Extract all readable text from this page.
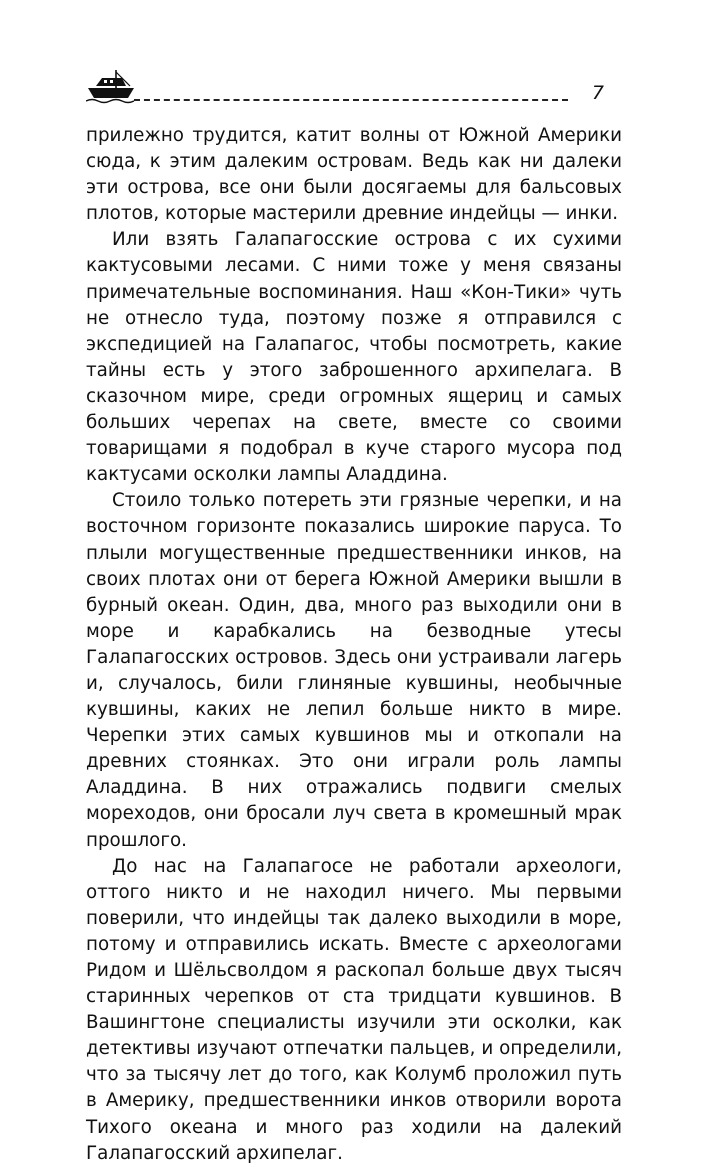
7

прилежно трудится, катит волны от Южной Америки сюда, к этим далеким островам. Ведь как ни далеки эти острова, все они были досягаемы для бальсовых плотов, которые мастерили древние индейцы — инки.

Или взять Галапагосские острова с их сухими кактусовыми лесами. С ними тоже у меня связаны примечательные воспоминания. Наш «Кон-Тики» чуть не отнесло туда, поэтому позже я отправился с экспедицией на Галапагос, чтобы посмотреть, какие тайны есть у этого заброшенного архипелага. В сказочном мире, среди огромных ящериц и самых больших черепах на свете, вместе со своими товарищами я подобрал в куче старого мусора под кактусами осколки лампы Аладдина.

Стоило только потереть эти грязные черепки, и на восточном горизонте показались широкие паруса. То плыли могущественные предшественники инков, на своих плотах они от берега Южной Америки вышли в бурный океан. Один, два, много раз выходили они в море и карабкались на безводные утесы Галапагосских островов. Здесь они устраивали лагерь и, случалось, били глиняные кувшины, необычные кувшины, каких не лепил больше никто в мире. Черепки этих самых кувшинов мы и откопали на древних стоянках. Это они играли роль лампы Аладдина. В них отражались подвиги смелых мореходов, они бросали луч света в кромешный мрак прошлого.

До нас на Галапагосе не работали археологи, оттого никто и не находил ничего. Мы первыми поверили, что индейцы так далеко выходили в море, потому и отправились искать. Вместе с археологами Ридом и Шёльсволдом я раскопал больше двух тысяч старинных черепков от ста тридцати кувшинов. В Вашингтоне специалисты изучили эти осколки, как детективы изучают отпечатки пальцев, и определили, что за тысячу лет до того, как Колумб проложил путь в Америку, предшественники инков отворили ворота Тихого океана и много раз ходили на далекий Галапагосский архипелаг.
